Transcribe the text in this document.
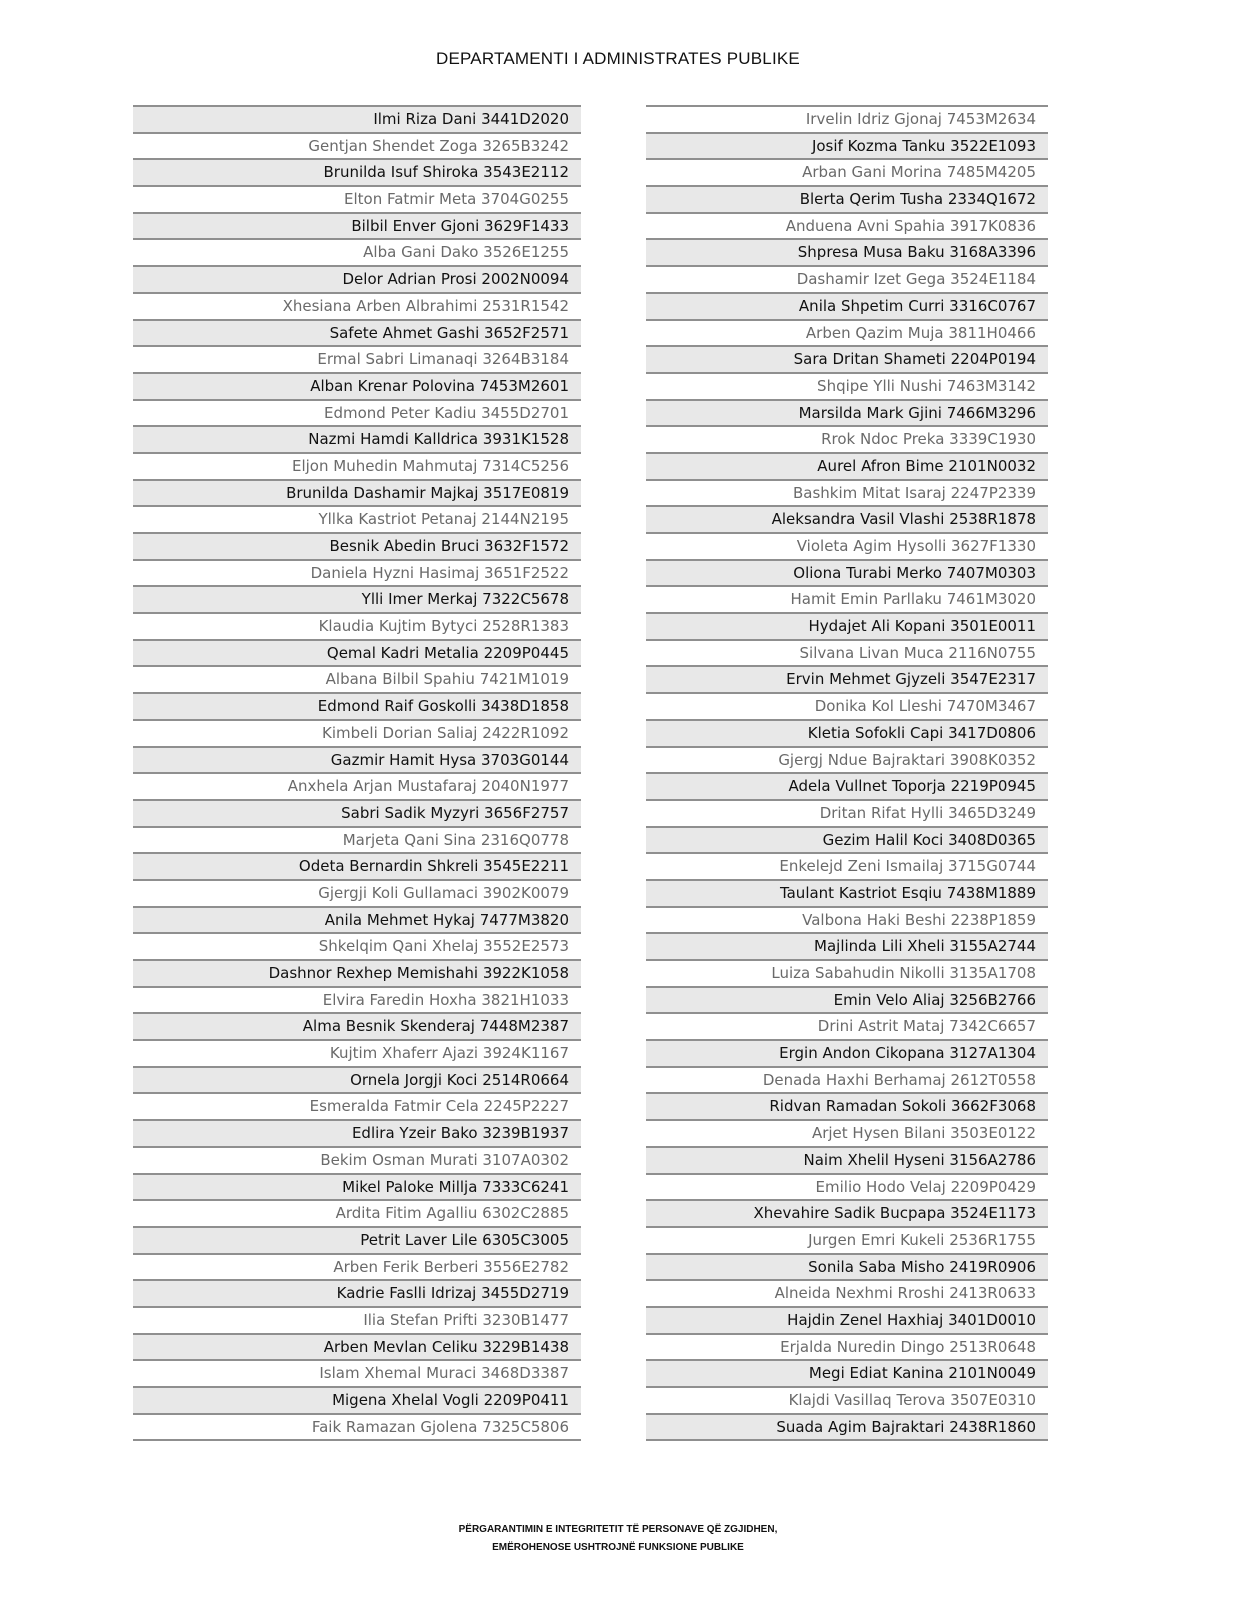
DEPARTAMENTI I ADMINISTRATES PUBLIKE
Ilmi Riza Dani 3441D2020
Gentjan Shendet Zoga 3265B3242
Brunilda Isuf Shiroka 3543E2112
Elton Fatmir Meta 3704G0255
Bilbil Enver Gjoni 3629F1433
Alba Gani Dako 3526E1255
Delor Adrian Prosi 2002N0094
Xhesiana Arben Albrahimi 2531R1542
Safete Ahmet Gashi 3652F2571
Ermal Sabri Limanaqi 3264B3184
Alban Krenar Polovina 7453M2601
Edmond Peter Kadiu 3455D2701
Nazmi Hamdi Kalldrica 3931K1528
Eljon Muhedin Mahmutaj 7314C5256
Brunilda Dashamir Majkaj 3517E0819
Yllka Kastriot Petanaj 2144N2195
Besnik Abedin Bruci 3632F1572
Daniela Hyzni Hasimaj 3651F2522
Ylli Imer Merkaj 7322C5678
Klaudia Kujtim Bytyci 2528R1383
Qemal Kadri Metalia 2209P0445
Albana Bilbil Spahiu 7421M1019
Edmond Raif Goskolli 3438D1858
Kimbeli Dorian Saliaj 2422R1092
Gazmir Hamit Hysa 3703G0144
Anxhela Arjan Mustafaraj 2040N1977
Sabri Sadik Myzyri 3656F2757
Marjeta Qani Sina 2316Q0778
Odeta Bernardin Shkreli 3545E2211
Gjergji Koli Gullamaci 3902K0079
Anila Mehmet Hykaj 7477M3820
Shkelqim Qani Xhelaj 3552E2573
Dashnor Rexhep Memishahi 3922K1058
Elvira Faredin Hoxha 3821H1033
Alma Besnik Skenderaj 7448M2387
Kujtim Xhaferr Ajazi 3924K1167
Ornela Jorgji Koci 2514R0664
Esmeralda Fatmir Cela 2245P2227
Edlira Yzeir Bako 3239B1937
Bekim Osman Murati 3107A0302
Mikel Paloke Millja 7333C6241
Ardita Fitim Agalliu 6302C2885
Petrit Laver Lile 6305C3005
Arben Ferik Berberi 3556E2782
Kadrie Faslli Idrizaj 3455D2719
Ilia Stefan Prifti 3230B1477
Arben Mevlan Celiku 3229B1438
Islam Xhemal Muraci 3468D3387
Migena Xhelal Vogli 2209P0411
Faik Ramazan Gjolena 7325C5806
Irvelin Idriz Gjonaj 7453M2634
Josif Kozma Tanku 3522E1093
Arban Gani Morina 7485M4205
Blerta Qerim Tusha 2334Q1672
Anduena Avni Spahia 3917K0836
Shpresa Musa Baku 3168A3396
Dashamir Izet Gega 3524E1184
Anila Shpetim Curri 3316C0767
Arben Qazim Muja 3811H0466
Sara Dritan Shameti 2204P0194
Shqipe Ylli Nushi 7463M3142
Marsilda Mark Gjini 7466M3296
Rrok Ndoc Preka 3339C1930
Aurel Afron Bime 2101N0032
Bashkim Mitat Isaraj 2247P2339
Aleksandra Vasil Vlashi 2538R1878
Violeta Agim Hysolli 3627F1330
Oliona Turabi Merko 7407M0303
Hamit Emin Parllaku 7461M3020
Hydajet Ali Kopani 3501E0011
Silvana Livan Muca 2116N0755
Ervin Mehmet Gjyzeli 3547E2317
Donika Kol Lleshi 7470M3467
Kletia Sofokli Capi 3417D0806
Gjergj Ndue Bajraktari 3908K0352
Adela Vullnet Toporja 2219P0945
Dritan Rifat Hylli 3465D3249
Gezim Halil Koci 3408D0365
Enkelejd Zeni Ismailaj 3715G0744
Taulant Kastriot Esqiu 7438M1889
Valbona Haki Beshi 2238P1859
Majlinda Lili Xheli 3155A2744
Luiza Sabahudin Nikolli 3135A1708
Emin Velo Aliaj 3256B2766
Drini Astrit Mataj 7342C6657
Ergin Andon Cikopana 3127A1304
Denada Haxhi Berhamaj 2612T0558
Ridvan Ramadan Sokoli 3662F3068
Arjet Hysen Bilani 3503E0122
Naim Xhelil Hyseni 3156A2786
Emilio Hodo Velaj 2209P0429
Xhevahire Sadik Bucpapa 3524E1173
Jurgen Emri Kukeli 2536R1755
Sonila Saba Misho 2419R0906
Alneida Nexhmi Rroshi 2413R0633
Hajdin Zenel Haxhiaj 3401D0010
Erjalda Nuredin Dingo 2513R0648
Megi Ediat Kanina 2101N0049
Klajdi Vasillaq Terova 3507E0310
Suada Agim Bajraktari 2438R1860
PËRGARANTIMIN E INTEGRITETIT TË PERSONAVE QË ZGJIDHEN,
EMËROHENOSE USHTROJNË FUNKSIONE PUBLIKE
